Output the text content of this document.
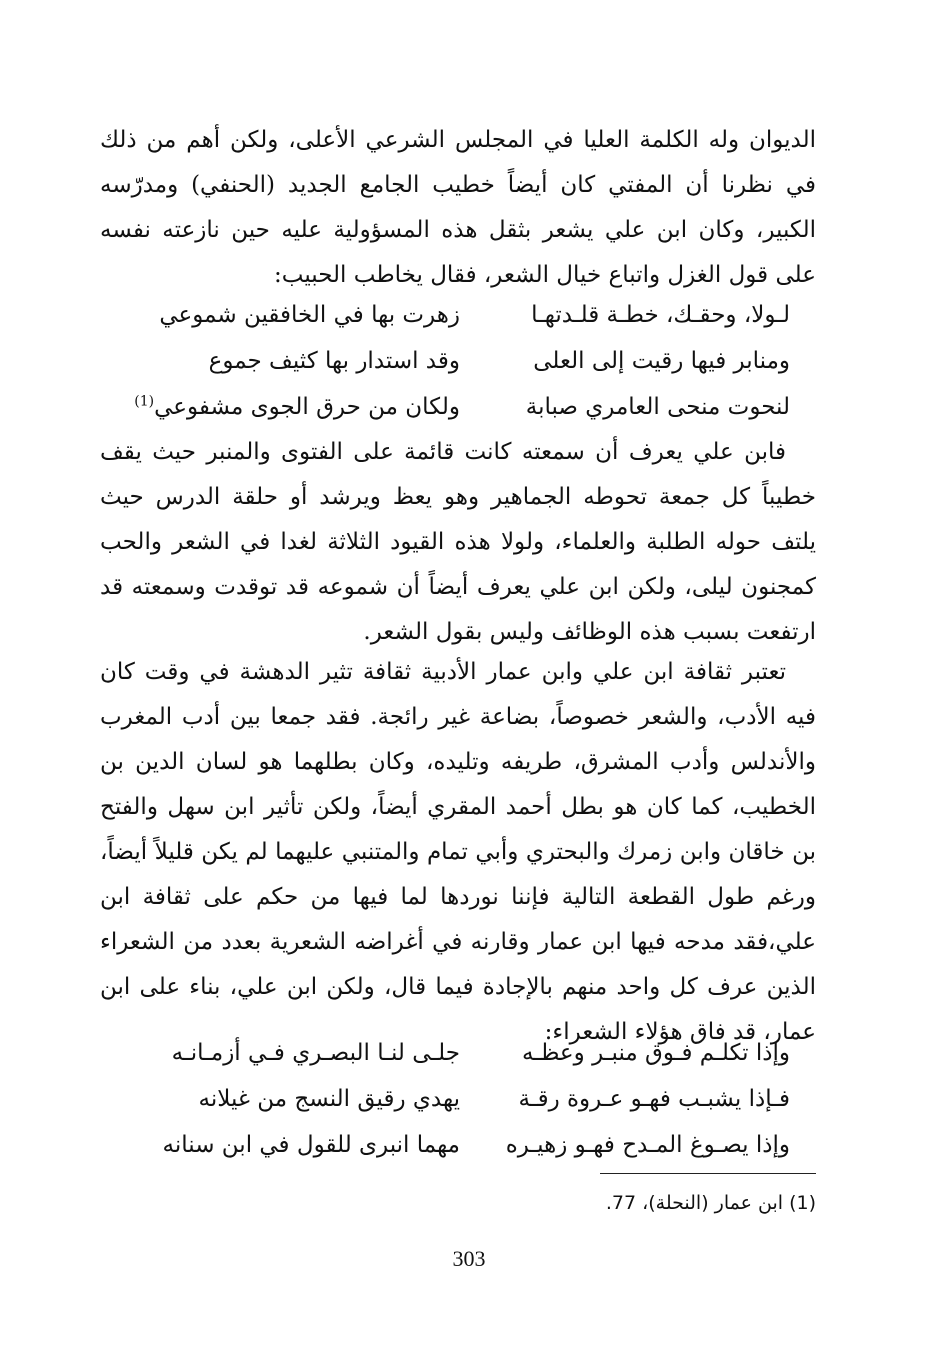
الديوان وله الكلمة العليا في المجلس الشرعي الأعلى، ولكن أهم من ذلك في نظرنا أن المفتي كان أيضاً خطيب الجامع الجديد (الحنفي) ومدرّسه الكبير، وكان ابن علي يشعر بثقل هذه المسؤولية عليه حين نازعته نفسه على قول الغزل واتباع خيال الشعر، فقال يخاطب الحبيب:

لـولا، وحقـك، خطـة قلـدتهـا
زهرت بها في الخافقين شموعي
ومنابر فيها رقيت إلى العلى
وقد استدار بها كثيف جموع
لنحوت منحى العامري صبابة
ولكان من حرق الجوى مشفوعي$^{(1)}$

فابن علي يعرف أن سمعته كانت قائمة على الفتوى والمنبر حيث يقف خطيباً كل جمعة تحوطه الجماهير وهو يعظ ويرشد أو حلقة الدرس حيث يلتف حوله الطلبة والعلماء، ولولا هذه القيود الثلاثة لغدا في الشعر والحب كمجنون ليلى، ولكن ابن علي يعرف أيضاً أن شموعه قد توقدت وسمعته قد ارتفعت بسبب هذه الوظائف وليس بقول الشعر.

تعتبر ثقافة ابن علي وابن عمار الأدبية ثقافة تثير الدهشة في وقت كان فيه الأدب، والشعر خصوصاً، بضاعة غير رائجة. فقد جمعا بين أدب المغرب والأندلس وأدب المشرق، طريفه وتليده، وكان بطلهما هو لسان الدين بن الخطيب، كما كان هو بطل أحمد المقري أيضاً، ولكن تأثير ابن سهل والفتح بن خاقان وابن زمرك والبحتري وأبي تمام والمتنبي عليهما لم يكن قليلاً أيضاً، ورغم طول القطعة التالية فإننا نوردها لما فيها من حكم على ثقافة ابن علي،فقد مدحه فيها ابن عمار وقارنه في أغراضه الشعرية بعدد من الشعراء الذين عرف كل واحد منهم بالإجادة فيما قال، ولكن ابن علي، بناء على ابن عمار، قد فاق هؤلاء الشعراء:

وإذا تكلـم فـوق منبـر وعظـه
جلـى لنـا البصـري فـي أزمـانـه
فـإذا يشبـب فهـو عـروة رقـة
يهدي رقيق النسج من غيلانه
وإذا يصـوغ المـدح فهـو زهيـره
مهما انبرى للقول في ابن سنانه
(1) ابن عمار (النحلة)، 77.
303
